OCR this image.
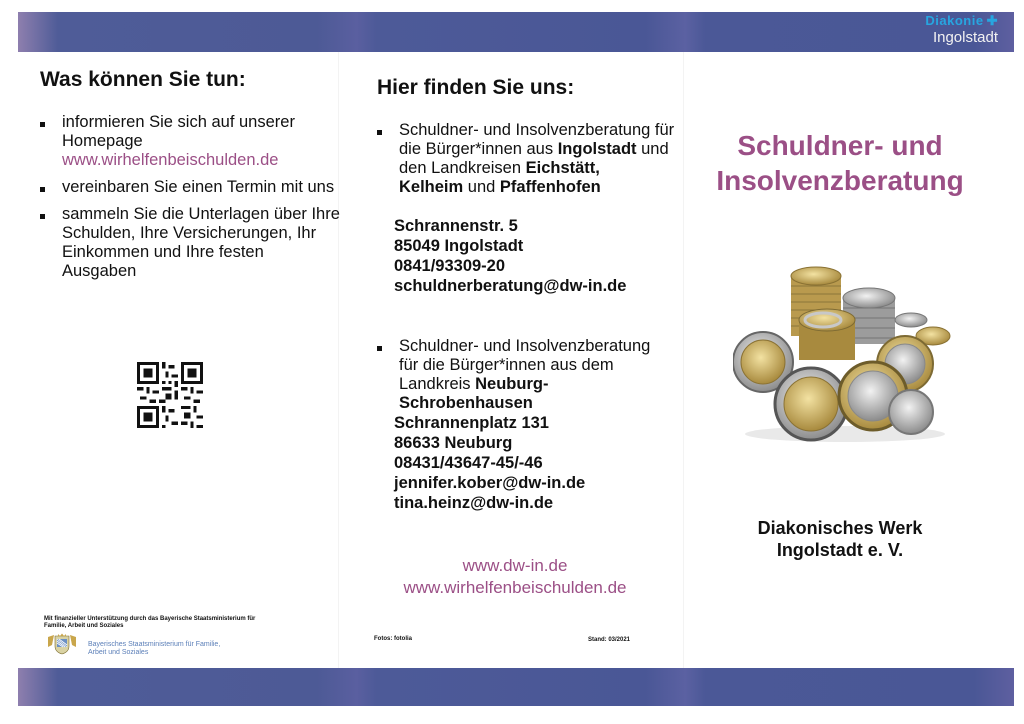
Diakonie ✚
Ingolstadt
Was können Sie tun:
informieren Sie sich auf unserer Homepage
www.wirhelfenbeischulden.de
vereinbaren Sie einen Termin mit uns
sammeln Sie die Unterlagen über Ihre Schulden, Ihre Versicherungen, Ihr Einkommen und Ihre festen Ausgaben
Mit finanzieller Unterstützung durch das Bayerische Staatsministerium für Familie, Arbeit und Soziales
Bayerisches Staatsministerium für Familie, Arbeit und Soziales
Hier finden Sie uns:
Schuldner- und Insolvenzberatung für die Bürger*innen aus Ingolstadt und den Landkreisen Eichstätt,
Kelheim und Pfaffenhofen
Schrannenstr. 5
85049 Ingolstadt
0841/93309-20
schuldnerberatung@dw-in.de
Schuldner- und Insolvenzberatung für die Bürger*innen aus dem Landkreis Neuburg-Schrobenhausen
Schrannenplatz 131
86633 Neuburg
08431/43647-45/-46
jennifer.kober@dw-in.de
tina.heinz@dw-in.de
www.dw-in.de
www.wirhelfenbeischulden.de
Fotos: fotolia	Stand: 03/2021
Schuldner- und
Insolvenzberatung
Diakonisches Werk
Ingolstadt e. V.
